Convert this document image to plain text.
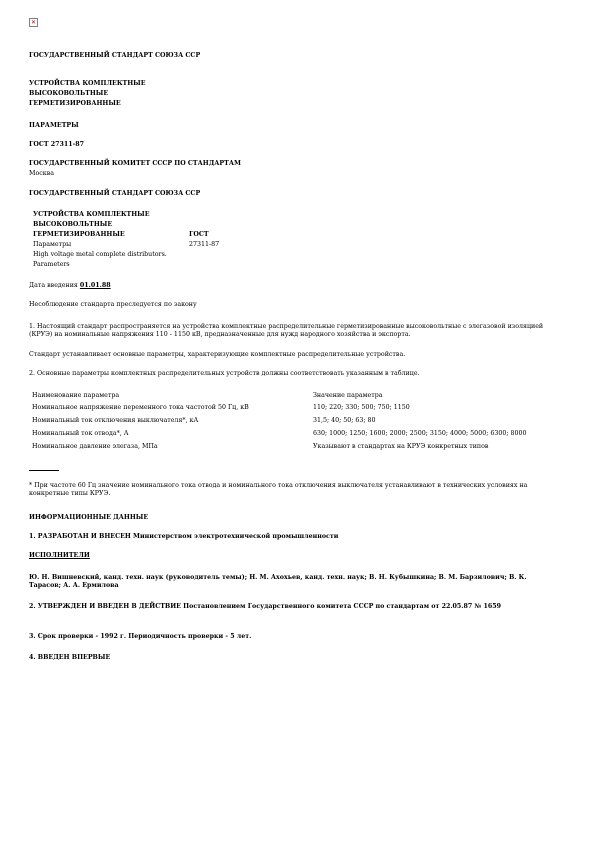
✕
ГОСУДАРСТВЕННЫЙ СТАНДАРТ СОЮЗА ССР
УСТРОЙСТВА КОМПЛЕКТНЫЕ
ВЫСОКОВОЛЬТНЫЕ
ГЕРМЕТИЗИРОВАННЫЕ
ПАРАМЕТРЫ
ГОСТ 27311-87
ГОСУДАРСТВЕННЫЙ КОМИТЕТ СССР ПО СТАНДАРТАМ
Москва
ГОСУДАРСТВЕННЫЙ СТАНДАРТ СОЮЗА ССР
УСТРОЙСТВА КОМПЛЕКТНЫЕ
ВЫСОКОВОЛЬТНЫЕ
ГЕРМЕТИЗИРОВАННЫЕ
Параметры
ГОСТ
27311-87
High voltage metal complete distributors.
Parameters
Дата введения 01.01.88
Несоблюдение стандарта преследуется по закону
1. Настоящий стандарт распространяется на устройства комплектные распределительные герметизированные высоковольтные с элегазовой изоляцией (КРУЭ) на номинальные напряжения 110 - 1150 кВ, предназначенные для нужд народного хозяйства и экспорта.
Стандарт устанавливает основные параметры, характеризующие комплектные распределительные устройства.
2. Основные параметры комплектных распределительных устройств должны соответствовать указанным в таблице.
Наименование параметра	Значение параметра
Номинальное напряжение переменного тока частотой 50 Гц, кВ	110; 220; 330; 500; 750; 1150
Номинальный ток отключения выключателя*, кА	31,5; 40; 50; 63; 80
Номинальный ток отвода*, А	630; 1000; 1250; 1600; 2000; 2500; 3150; 4000; 5000; 6300; 8000
Номинальное давление элегаза, МПа	Указывают в стандартах на КРУЭ конкретных типов
* При частоте 60 Гц значение номинального тока отвода и номинального тока отключения выключателя устанавливают в технических условиях на конкретные типы КРУЭ.
ИНФОРМАЦИОННЫЕ ДАННЫЕ
1. РАЗРАБОТАН И ВНЕСЕН Министерством электротехнической промышленности
ИСПОЛНИТЕЛИ
Ю. Н. Вишневский, канд. техн. наук (руководитель темы); Н. М. Ахохьев, канд. техн. наук; В. Н. Кубышкина; В. М. Барзилович; В. К. Тарасов; А. А. Ермилова
2. УТВЕРЖДЕН И ВВЕДЕН В ДЕЙСТВИЕ Постановлением Государственного комитета СССР по стандартам от 22.05.87 № 1659
3. Срок проверки - 1992 г. Периодичность проверки - 5 лет.
4. ВВЕДЕН ВПЕРВЫЕ
